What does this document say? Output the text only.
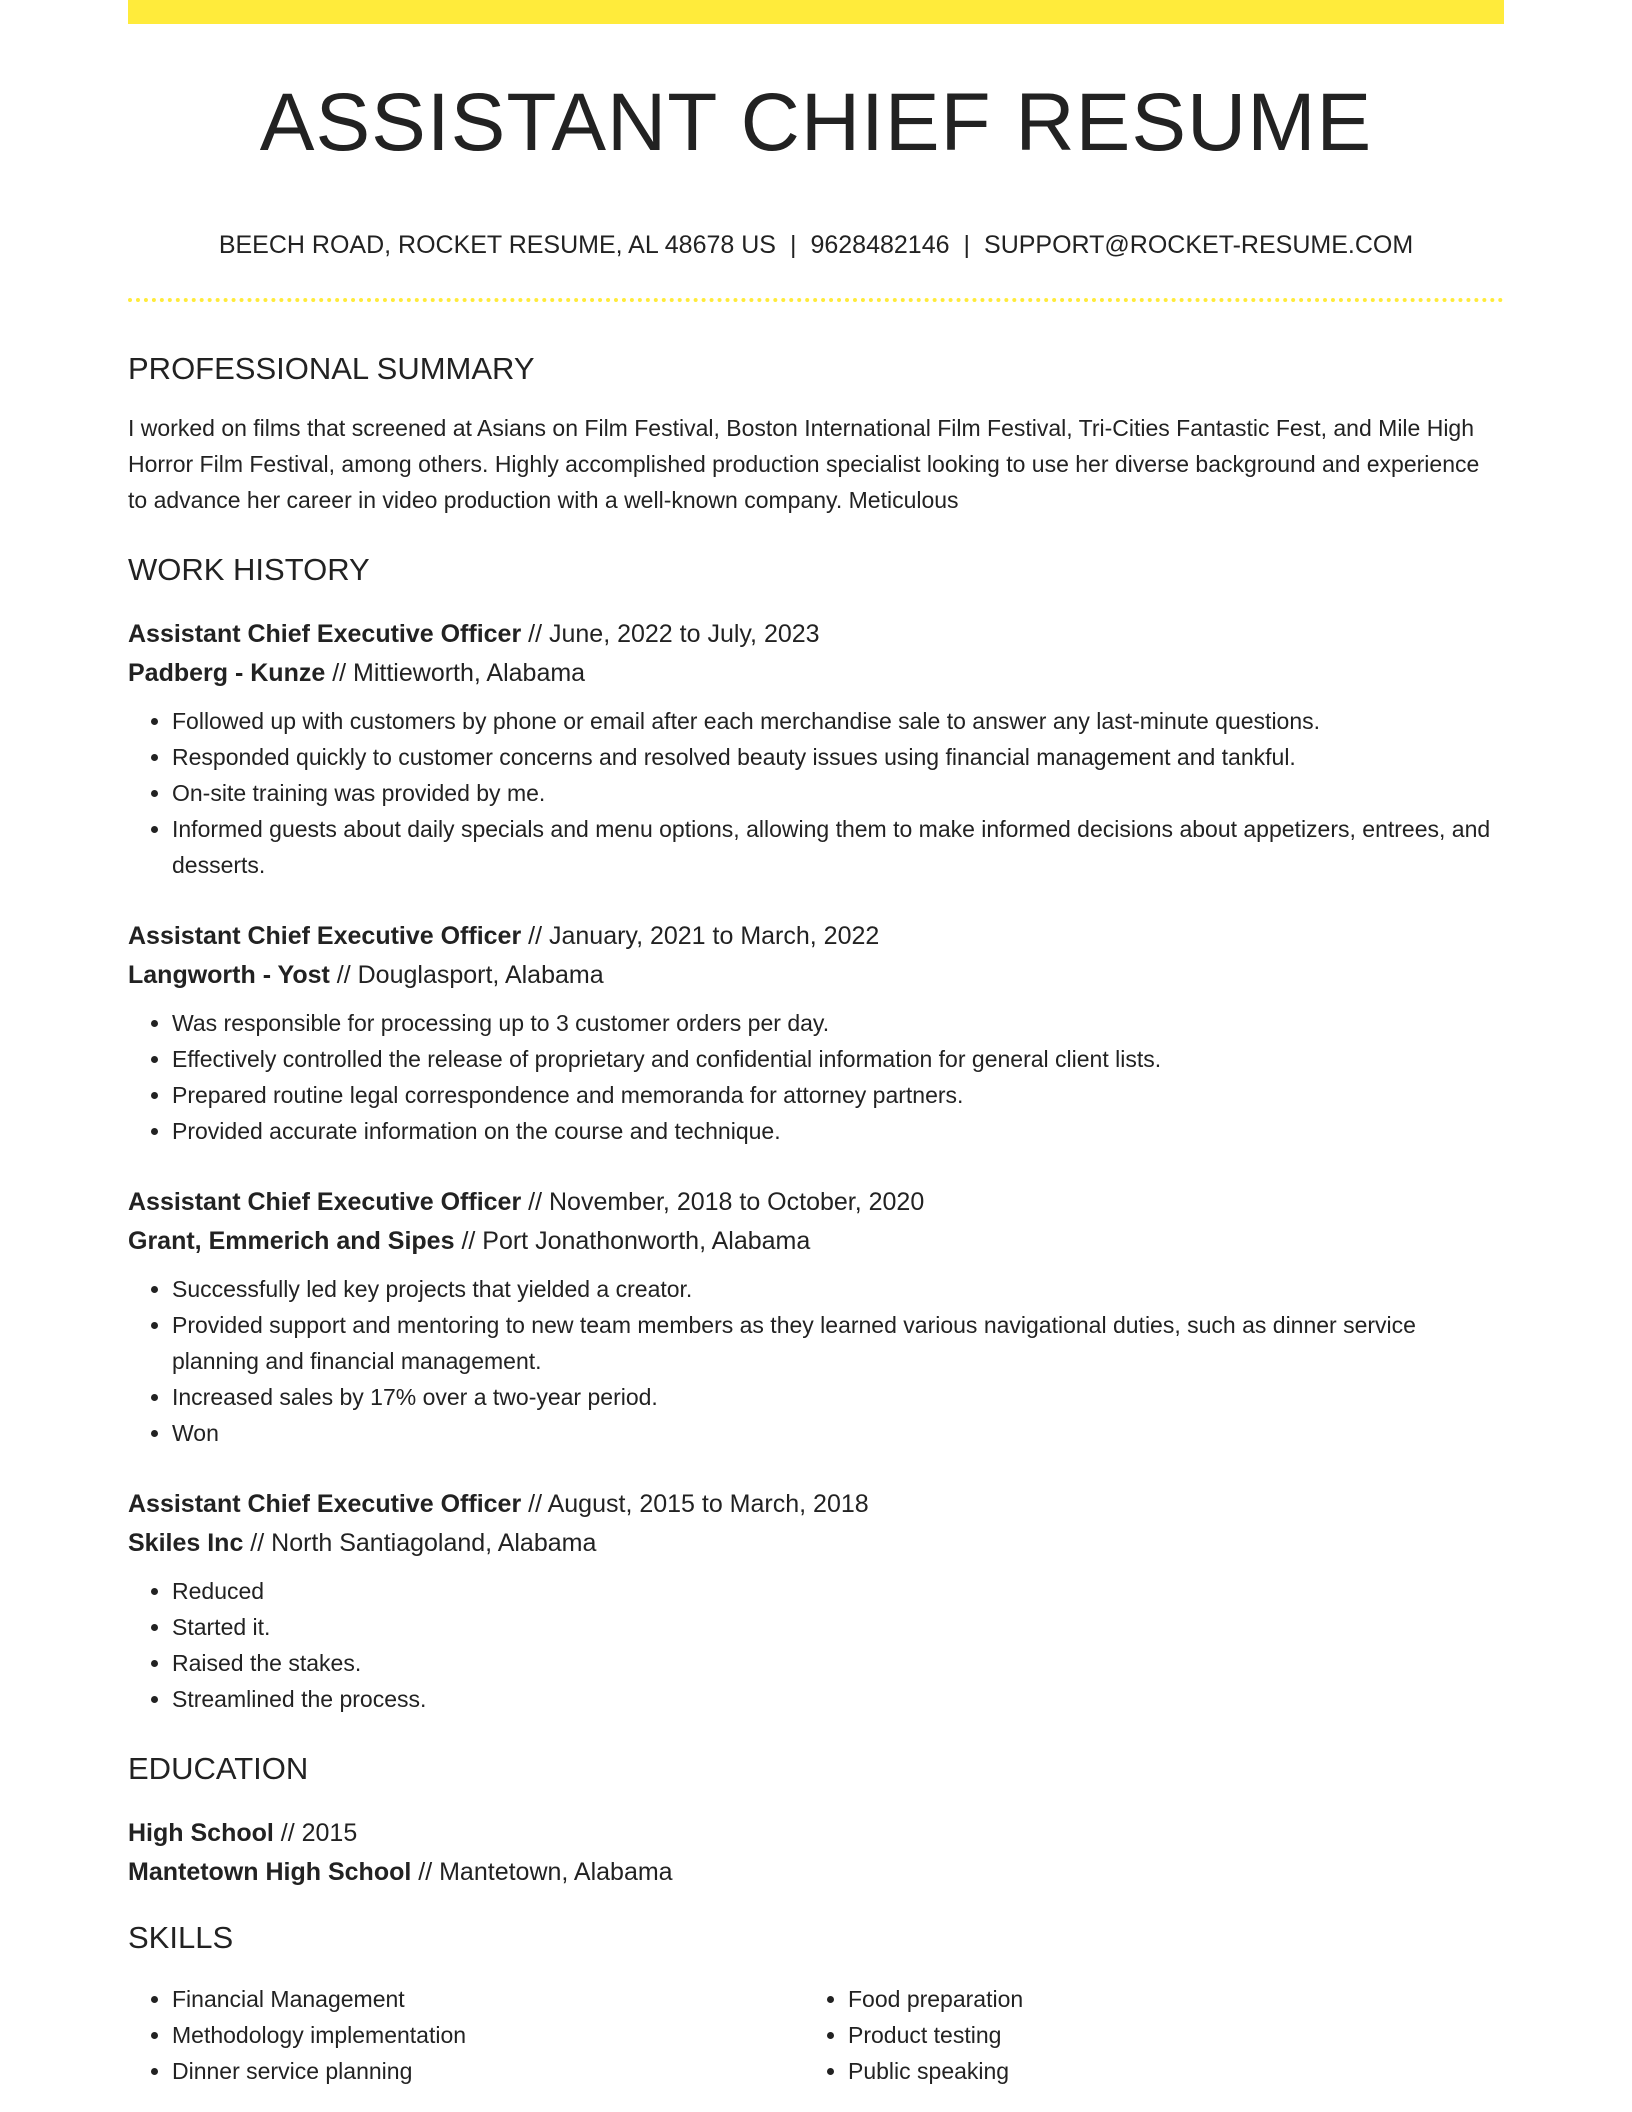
ASSISTANT CHIEF RESUME
BEECH ROAD, ROCKET RESUME, AL 48678 US | 9628482146 | SUPPORT@ROCKET-RESUME.COM
PROFESSIONAL SUMMARY
I worked on films that screened at Asians on Film Festival, Boston International Film Festival, Tri-Cities Fantastic Fest, and Mile High Horror Film Festival, among others. Highly accomplished production specialist looking to use her diverse background and experience to advance her career in video production with a well-known company. Meticulous
WORK HISTORY
Assistant Chief Executive Officer // June, 2022 to July, 2023
Padberg - Kunze // Mittieworth, Alabama
• Followed up with customers by phone or email after each merchandise sale to answer any last-minute questions.
• Responded quickly to customer concerns and resolved beauty issues using financial management and tankful.
• On-site training was provided by me.
• Informed guests about daily specials and menu options, allowing them to make informed decisions about appetizers, entrees, and desserts.
Assistant Chief Executive Officer // January, 2021 to March, 2022
Langworth - Yost // Douglasport, Alabama
• Was responsible for processing up to 3 customer orders per day.
• Effectively controlled the release of proprietary and confidential information for general client lists.
• Prepared routine legal correspondence and memoranda for attorney partners.
• Provided accurate information on the course and technique.
Assistant Chief Executive Officer // November, 2018 to October, 2020
Grant, Emmerich and Sipes // Port Jonathonworth, Alabama
• Successfully led key projects that yielded a creator.
• Provided support and mentoring to new team members as they learned various navigational duties, such as dinner service planning and financial management.
• Increased sales by 17% over a two-year period.
• Won
Assistant Chief Executive Officer // August, 2015 to March, 2018
Skiles Inc // North Santiagoland, Alabama
• Reduced
• Started it.
• Raised the stakes.
• Streamlined the process.
EDUCATION
High School // 2015
Mantetown High School // Mantetown, Alabama
SKILLS
• Financial Management
• Methodology implementation
• Dinner service planning
• Food preparation
• Product testing
• Public speaking
